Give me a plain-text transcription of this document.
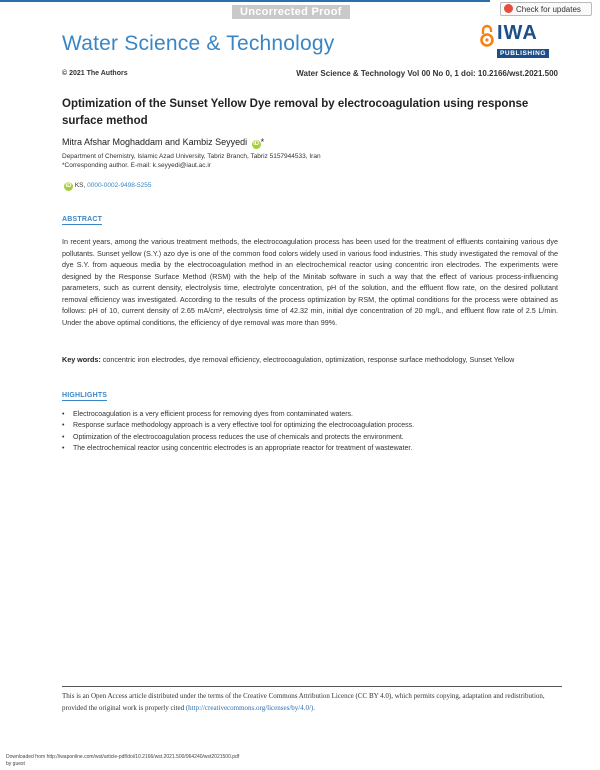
Uncorrected Proof	Check for updates
Water Science & Technology	IWA
PUBLISHING
© 2021 The Authors	Water Science & Technology Vol 00 No 0, 1 doi: 10.2166/wst.2021.500
Optimization of the Sunset Yellow Dye removal by electrocoagulation using response surface method
Mitra Afshar Moghaddam and Kambiz Seyyedi iD *
Department of Chemistry, Islamic Azad University, Tabriz Branch, Tabriz 5157944533, Iran
*Corresponding author. E-mail: k.seyyedi@iaut.ac.ir
iD KS, 0000-0002-9498-5255
ABSTRACT
In recent years, among the various treatment methods, the electrocoagulation process has been used for the treatment of effluents containing various dye pollutants. Sunset yellow (S.Y.) azo dye is one of the common food colors widely used in various food industries. This study investigated the removal of the dye S.Y. from aqueous media by the electrocoagulation method in an electrochemical reactor using concentric iron electrodes. The experiments were designed by the Response Surface Method (RSM) with the help of the Minitab software in such a way that the effect of various process-influencing parameters, such as current density, electrolysis time, electrolyte concentration, pH of the solution, and the effluent flow rate, on the desired pollutant removal efficiency was investigated. According to the results of the process optimization by RSM, the optimal conditions for the process were obtained as follows: pH of 10, current density of 2.65 mA/cm², electrolysis time of 42.32 min, initial dye concentration of 20 mg/L, and effluent flow rate of 2.5 L/min. Under the above optimal conditions, the efficiency of dye removal was more than 99%.
Key words: concentric iron electrodes, dye removal efficiency, electrocoagulation, optimization, response surface methodology, Sunset Yellow
HIGHLIGHTS
• Electrocoagulation is a very efficient process for removing dyes from contaminated waters.
• Response surface methodology approach is a very effective tool for optimizing the electrocoagulation process.
• Optimization of the electrocoagulation process reduces the use of chemicals and protects the environment.
• The electrochemical reactor using concentric electrodes is an appropriate reactor for treatment of wastewater.
This is an Open Access article distributed under the terms of the Creative Commons Attribution Licence (CC BY 4.0), which permits copying, adaptation and redistribution, provided the original work is properly cited (http://creativecommons.org/licenses/by/4.0/).
Downloaded from http://iwaponline.com/wst/article-pdf/doi/10.2166/wst.2021.500/964240/wst2021500.pdf
by guest
